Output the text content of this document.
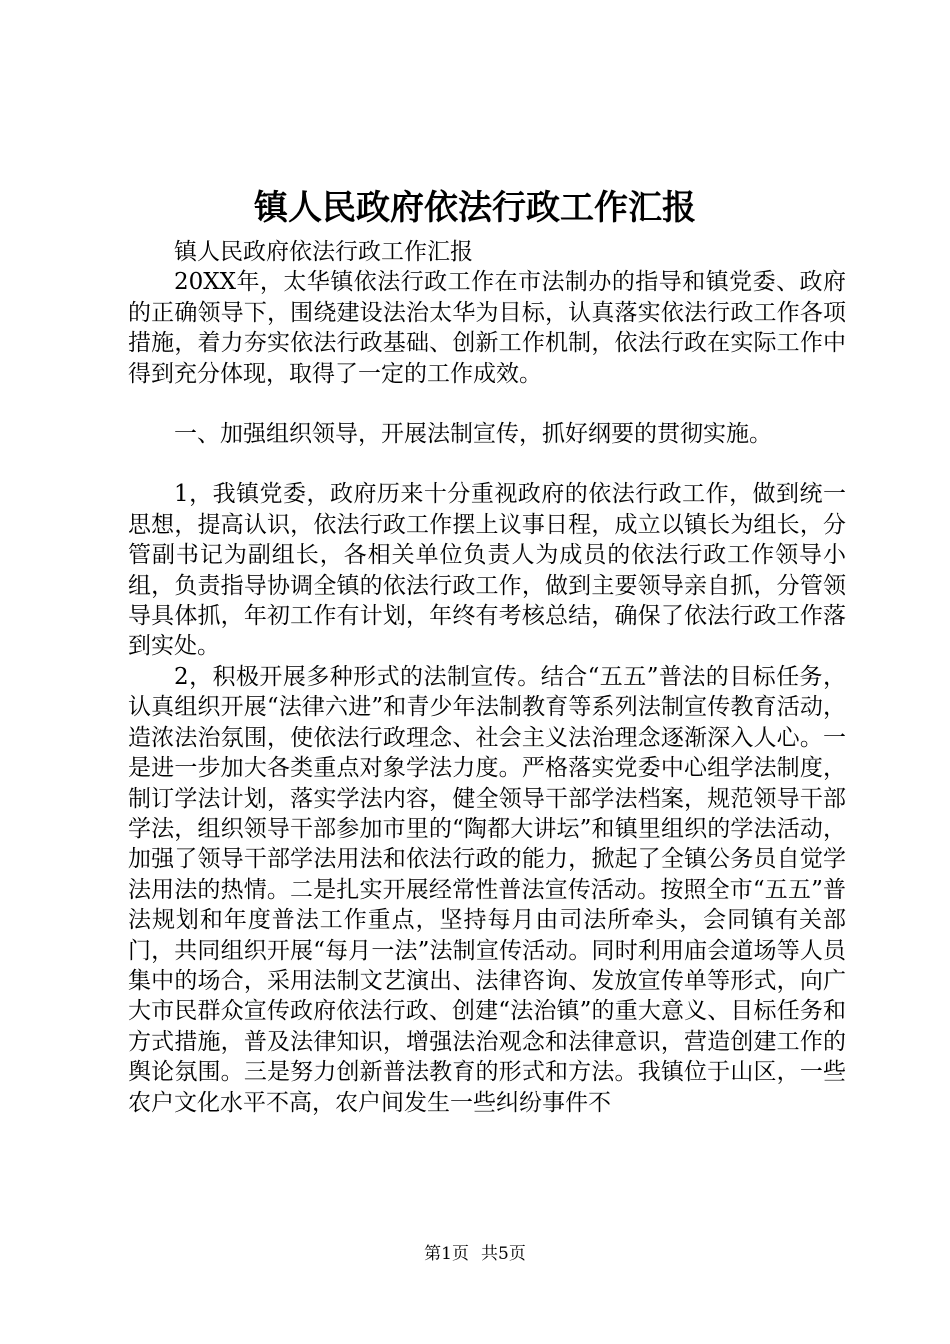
镇人民政府依法行政工作汇报

镇人民政府依法行政工作汇报

20XX年，太华镇依法行政工作在市法制办的指导和镇党委、政府的正确领导下，围绕建设法治太华为目标，认真落实依法行政工作各项措施，着力夯实依法行政基础、创新工作机制，依法行政在实际工作中得到充分体现，取得了一定的工作成效。

一、加强组织领导，开展法制宣传，抓好纲要的贯彻实施。

1，我镇党委，政府历来十分重视政府的依法行政工作，做到统一思想，提高认识，依法行政工作摆上议事日程，成立以镇长为组长，分管副书记为副组长，各相关单位负责人为成员的依法行政工作领导小组，负责指导协调全镇的依法行政工作，做到主要领导亲自抓，分管领导具体抓，年初工作有计划，年终有考核总结，确保了依法行政工作落到实处。

2，积极开展多种形式的法制宣传。结合“五五”普法的目标任务，认真组织开展“法律六进”和青少年法制教育等系列法制宣传教育活动，造浓法治氛围，使依法行政理念、社会主义法治理念逐渐深入人心。一是进一步加大各类重点对象学法力度。严格落实党委中心组学法制度，制订学法计划，落实学法内容，健全领导干部学法档案，规范领导干部学法，组织领导干部参加市里的“陶都大讲坛”和镇里组织的学法活动，加强了领导干部学法用法和依法行政的能力，掀起了全镇公务员自觉学法用法的热情。二是扎实开展经常性普法宣传活动。按照全市“五五”普法规划和年度普法工作重点，坚持每月由司法所牵头，会同镇有关部门，共同组织开展“每月一法”法制宣传活动。同时利用庙会道场等人员集中的场合，采用法制文艺演出、法律咨询、发放宣传单等形式，向广大市民群众宣传政府依法行政、创建“法治镇”的重大意义、目标任务和方式措施，普及法律知识，增强法治观念和法律意识，营造创建工作的舆论氛围。三是努力创新普法教育的形式和方法。我镇位于山区，一些农户文化水平不高，农户间发生一些纠纷事件不

第1页 共5页
